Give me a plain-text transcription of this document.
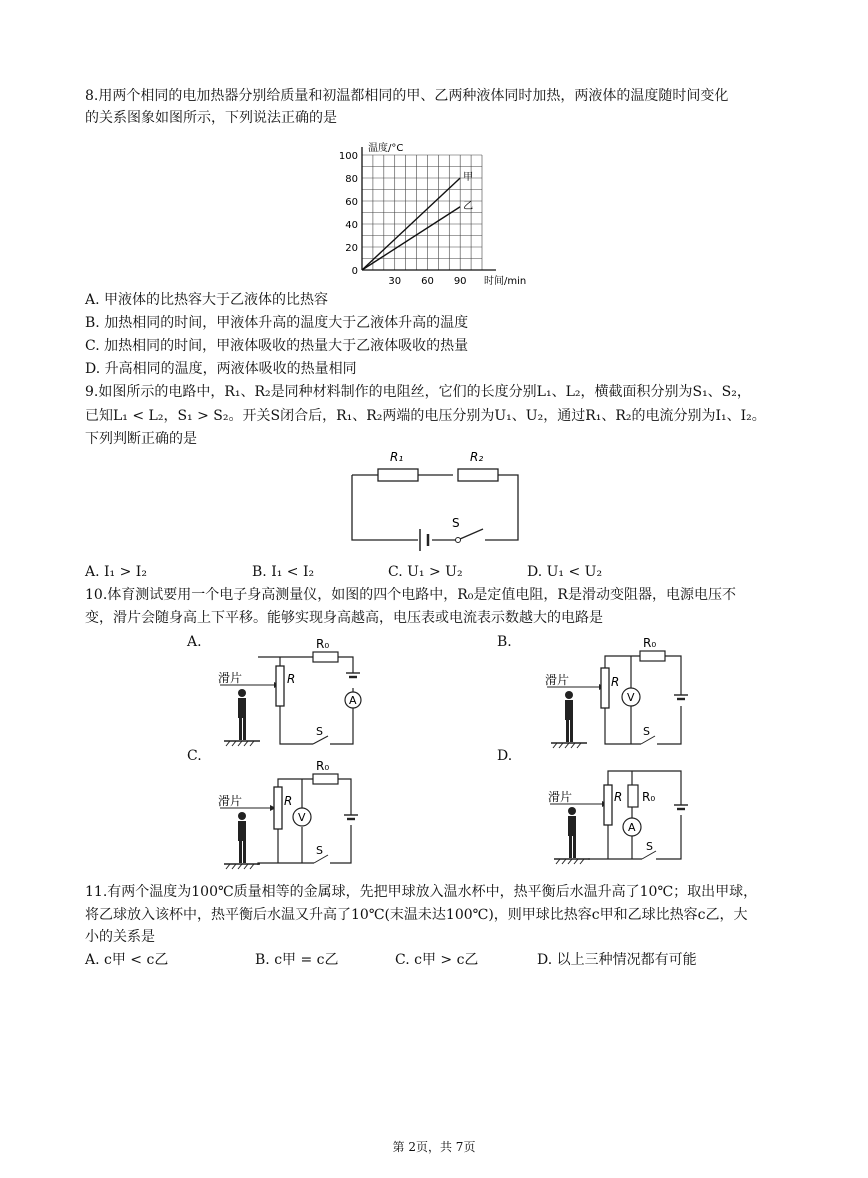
8.用两个相同的电加热器分别给质量和初温都相同的甲、乙两种液体同时加热，两液体的温度随时间变化
的关系图象如图所示，下列说法正确的是
30 60 90
0
20
40
60
80
100
温度/°C
时间/min
甲
乙
A. 甲液体的比热容大于乙液体的比热容
B. 加热相同的时间，甲液体升高的温度大于乙液体升高的温度
C. 加热相同的时间，甲液体吸收的热量大于乙液体吸收的热量
D. 升高相同的温度，两液体吸收的热量相同
9.如图所示的电路中，R₁、R₂是同种材料制作的电阻丝，它们的长度分别L₁、L₂，横截面积分别为S₁、S₂，
已知L₁ < L₂，S₁ > S₂。开关S闭合后，R₁、R₂两端的电压分别为U₁、U₂，通过R₁、R₂的电流分别为I₁、I₂。
下列判断正确的是
R₁	R₂
S
A. I₁ > I₂	B. I₁ < I₂	C. U₁ > U₂	D. U₁ < U₂
10.体育测试要用一个电子身高测量仪，如图的四个电路中，R₀是定值电阻，R是滑动变阻器，电源电压不
变，滑片会随身高上下平移。能够实现身高越高，电压表或电流表示数越大的电路是
A.	B.
C.	D.
滑片	R
R₀
A
S
滑片	R
R₀
V
S
滑片	R
R₀
V
S
滑片	R R₀
A
S
11.有两个温度为100℃质量相等的金属球，先把甲球放入温水杯中，热平衡后水温升高了10℃；取出甲球，
将乙球放入该杯中，热平衡后水温又升高了10℃(末温未达100℃)，则甲球比热容c甲和乙球比热容c乙，大
小的关系是
A. c甲 < c乙	B. c甲 = c乙	C. c甲 > c乙	D. 以上三种情况都有可能
第 2页，共 7页
